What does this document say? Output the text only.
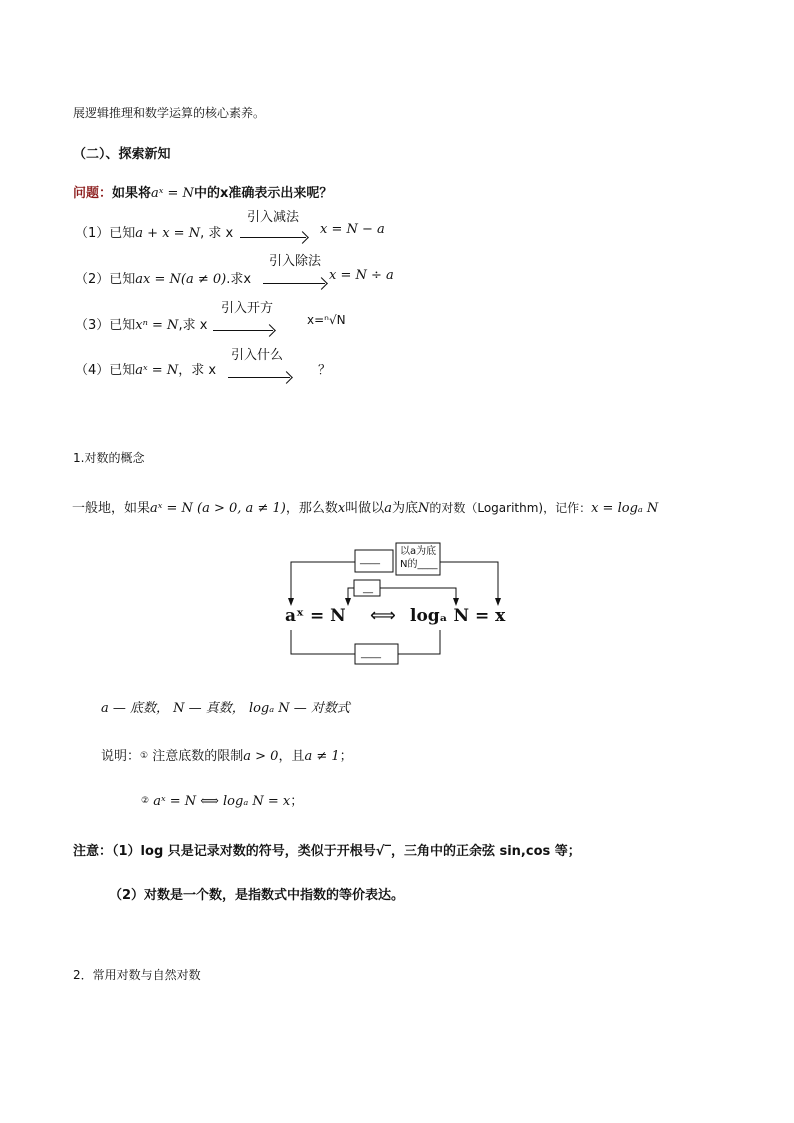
展逻辑推理和数学运算的核心素养。
（二）、探索新知
问题：如果将aˣ = N中的x准确表示出来呢？
（1）已知a + x = N, 求 x
引入减法
x = N − a
（2）已知ax = N(a ≠ 0).求x
引入除法
x = N ÷ a
（3）已知xⁿ = N,求 x
引入开方
x=ⁿ√N
（4）已知aˣ = N，求 x
引入什么
？
1.对数的概念
一般地，如果aˣ = N (a > 0, a ≠ 1)，那么数x叫做以a为底N的对数（Logarithm)，记作：x = logₐ N
以a为底
N的____
____
__
____
aˣ = N ⟺ logₐ N = x
a — 底数， N — 真数， logₐ N — 对数式
说明：① 注意底数的限制a > 0，且a ≠ 1；
② aˣ = N ⟺ logₐ N = x；
注意：（1）log 只是记录对数的符号，类似于开根号√‾，三角中的正余弦 sin,cos 等；
（2）对数是一个数，是指数式中指数的等价表达。
2．常用对数与自然对数
